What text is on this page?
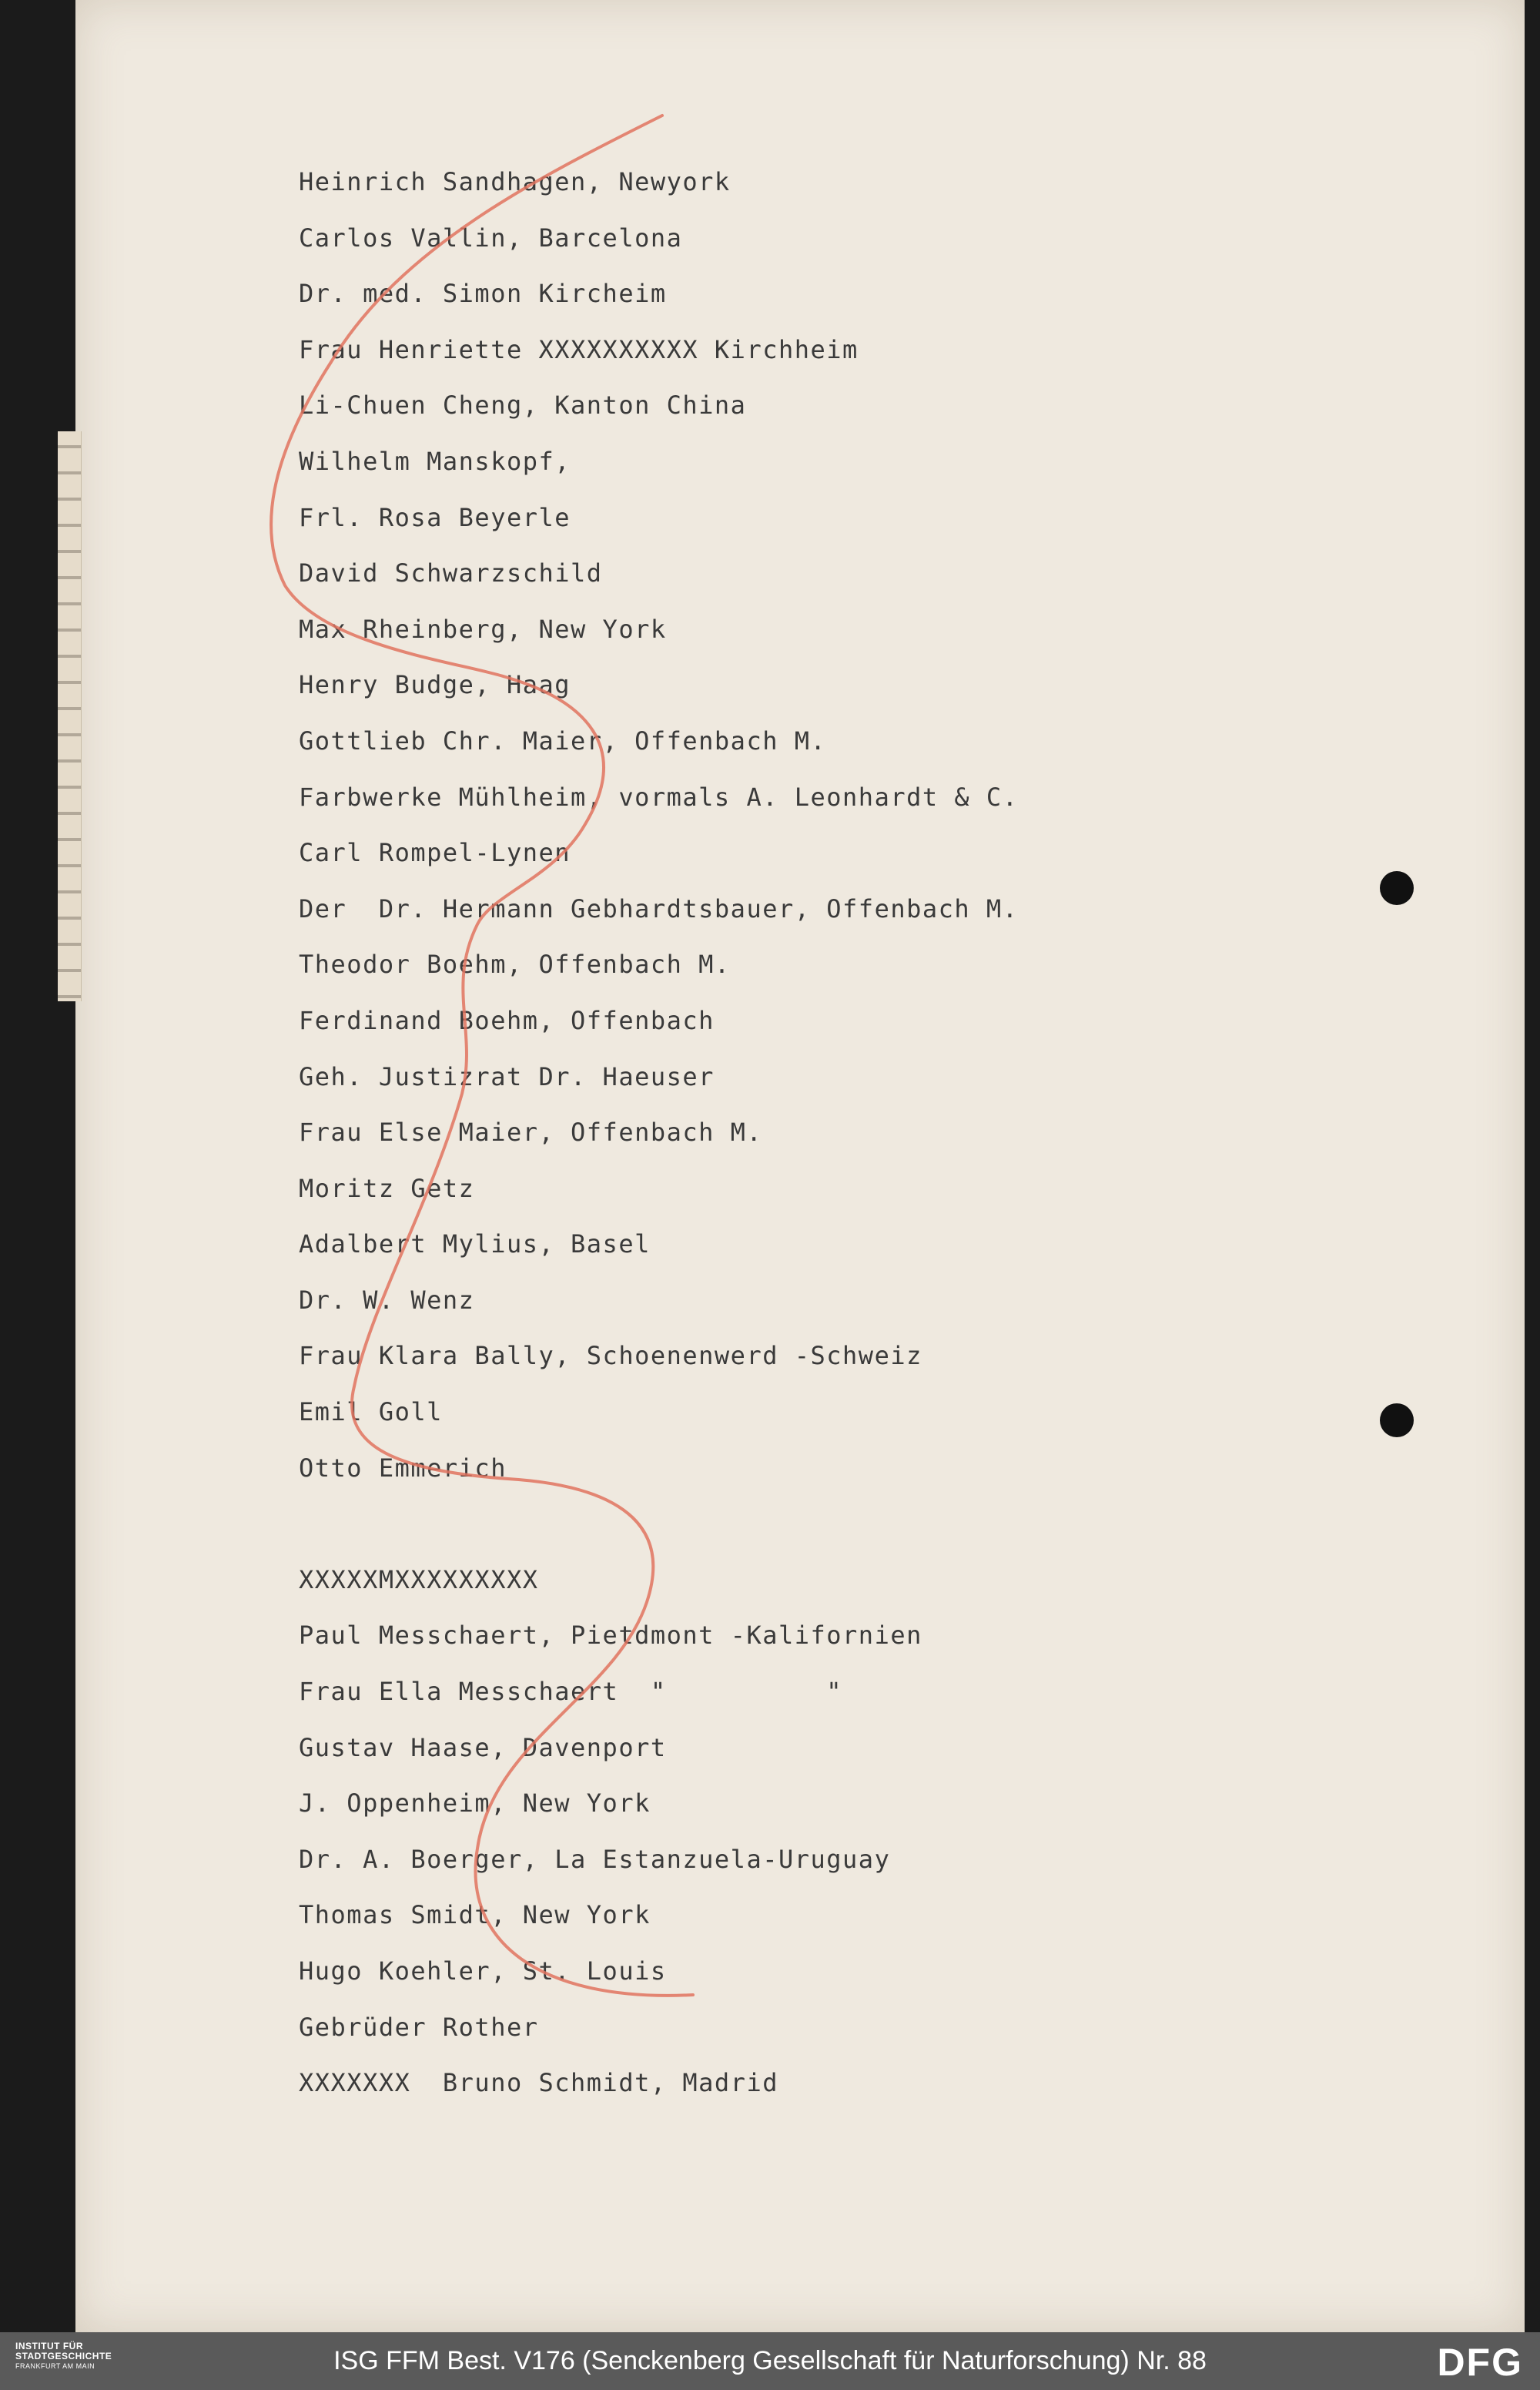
Heinrich Sandhagen, Newyork
Carlos Vallin, Barcelona
Dr. med. Simon Kircheim
Frau Henriette XXXXXXXXXX Kirchheim
Li-Chuen Cheng, Kanton China
Wilhelm Manskopf,
Frl. Rosa Beyerle
David Schwarzschild
Max Rheinberg, New York
Henry Budge, Haag
Gottlieb Chr. Maier, Offenbach M.
Farbwerke Mühlheim, vormals A. Leonhardt & C.
Carl Rompel-Lynen
Der  Dr. Hermann Gebhardtsbauer, Offenbach M.
Theodor Boehm, Offenbach M.
Ferdinand Boehm, Offenbach
Geh. Justizrat Dr. Haeuser
Frau Else Maier, Offenbach M.
Moritz Getz
Adalbert Mylius, Basel
Dr. W. Wenz
Frau Klara Bally, Schoenenwerd -Schweiz
Emil Goll
Otto Emmerich
XXXXXMXXXXXXXXX
Paul Messchaert, Pietdmont -Kalifornien
Frau Ella Messchaert  "          "
Gustav Haase, Davenport
J. Oppenheim, New York
Dr. A. Boerger, La Estanzuela-Uruguay
Thomas Smidt, New York
Hugo Koehler, St. Louis
Gebrüder Rother
XXXXXXX  Bruno Schmidt, Madrid
INSTITUT FÜR
STADTGESCHICHTE
FRANKFURT AM MAIN	ISG FFM Best. V176 (Senckenberg Gesellschaft für Naturforschung) Nr. 88	DFG
